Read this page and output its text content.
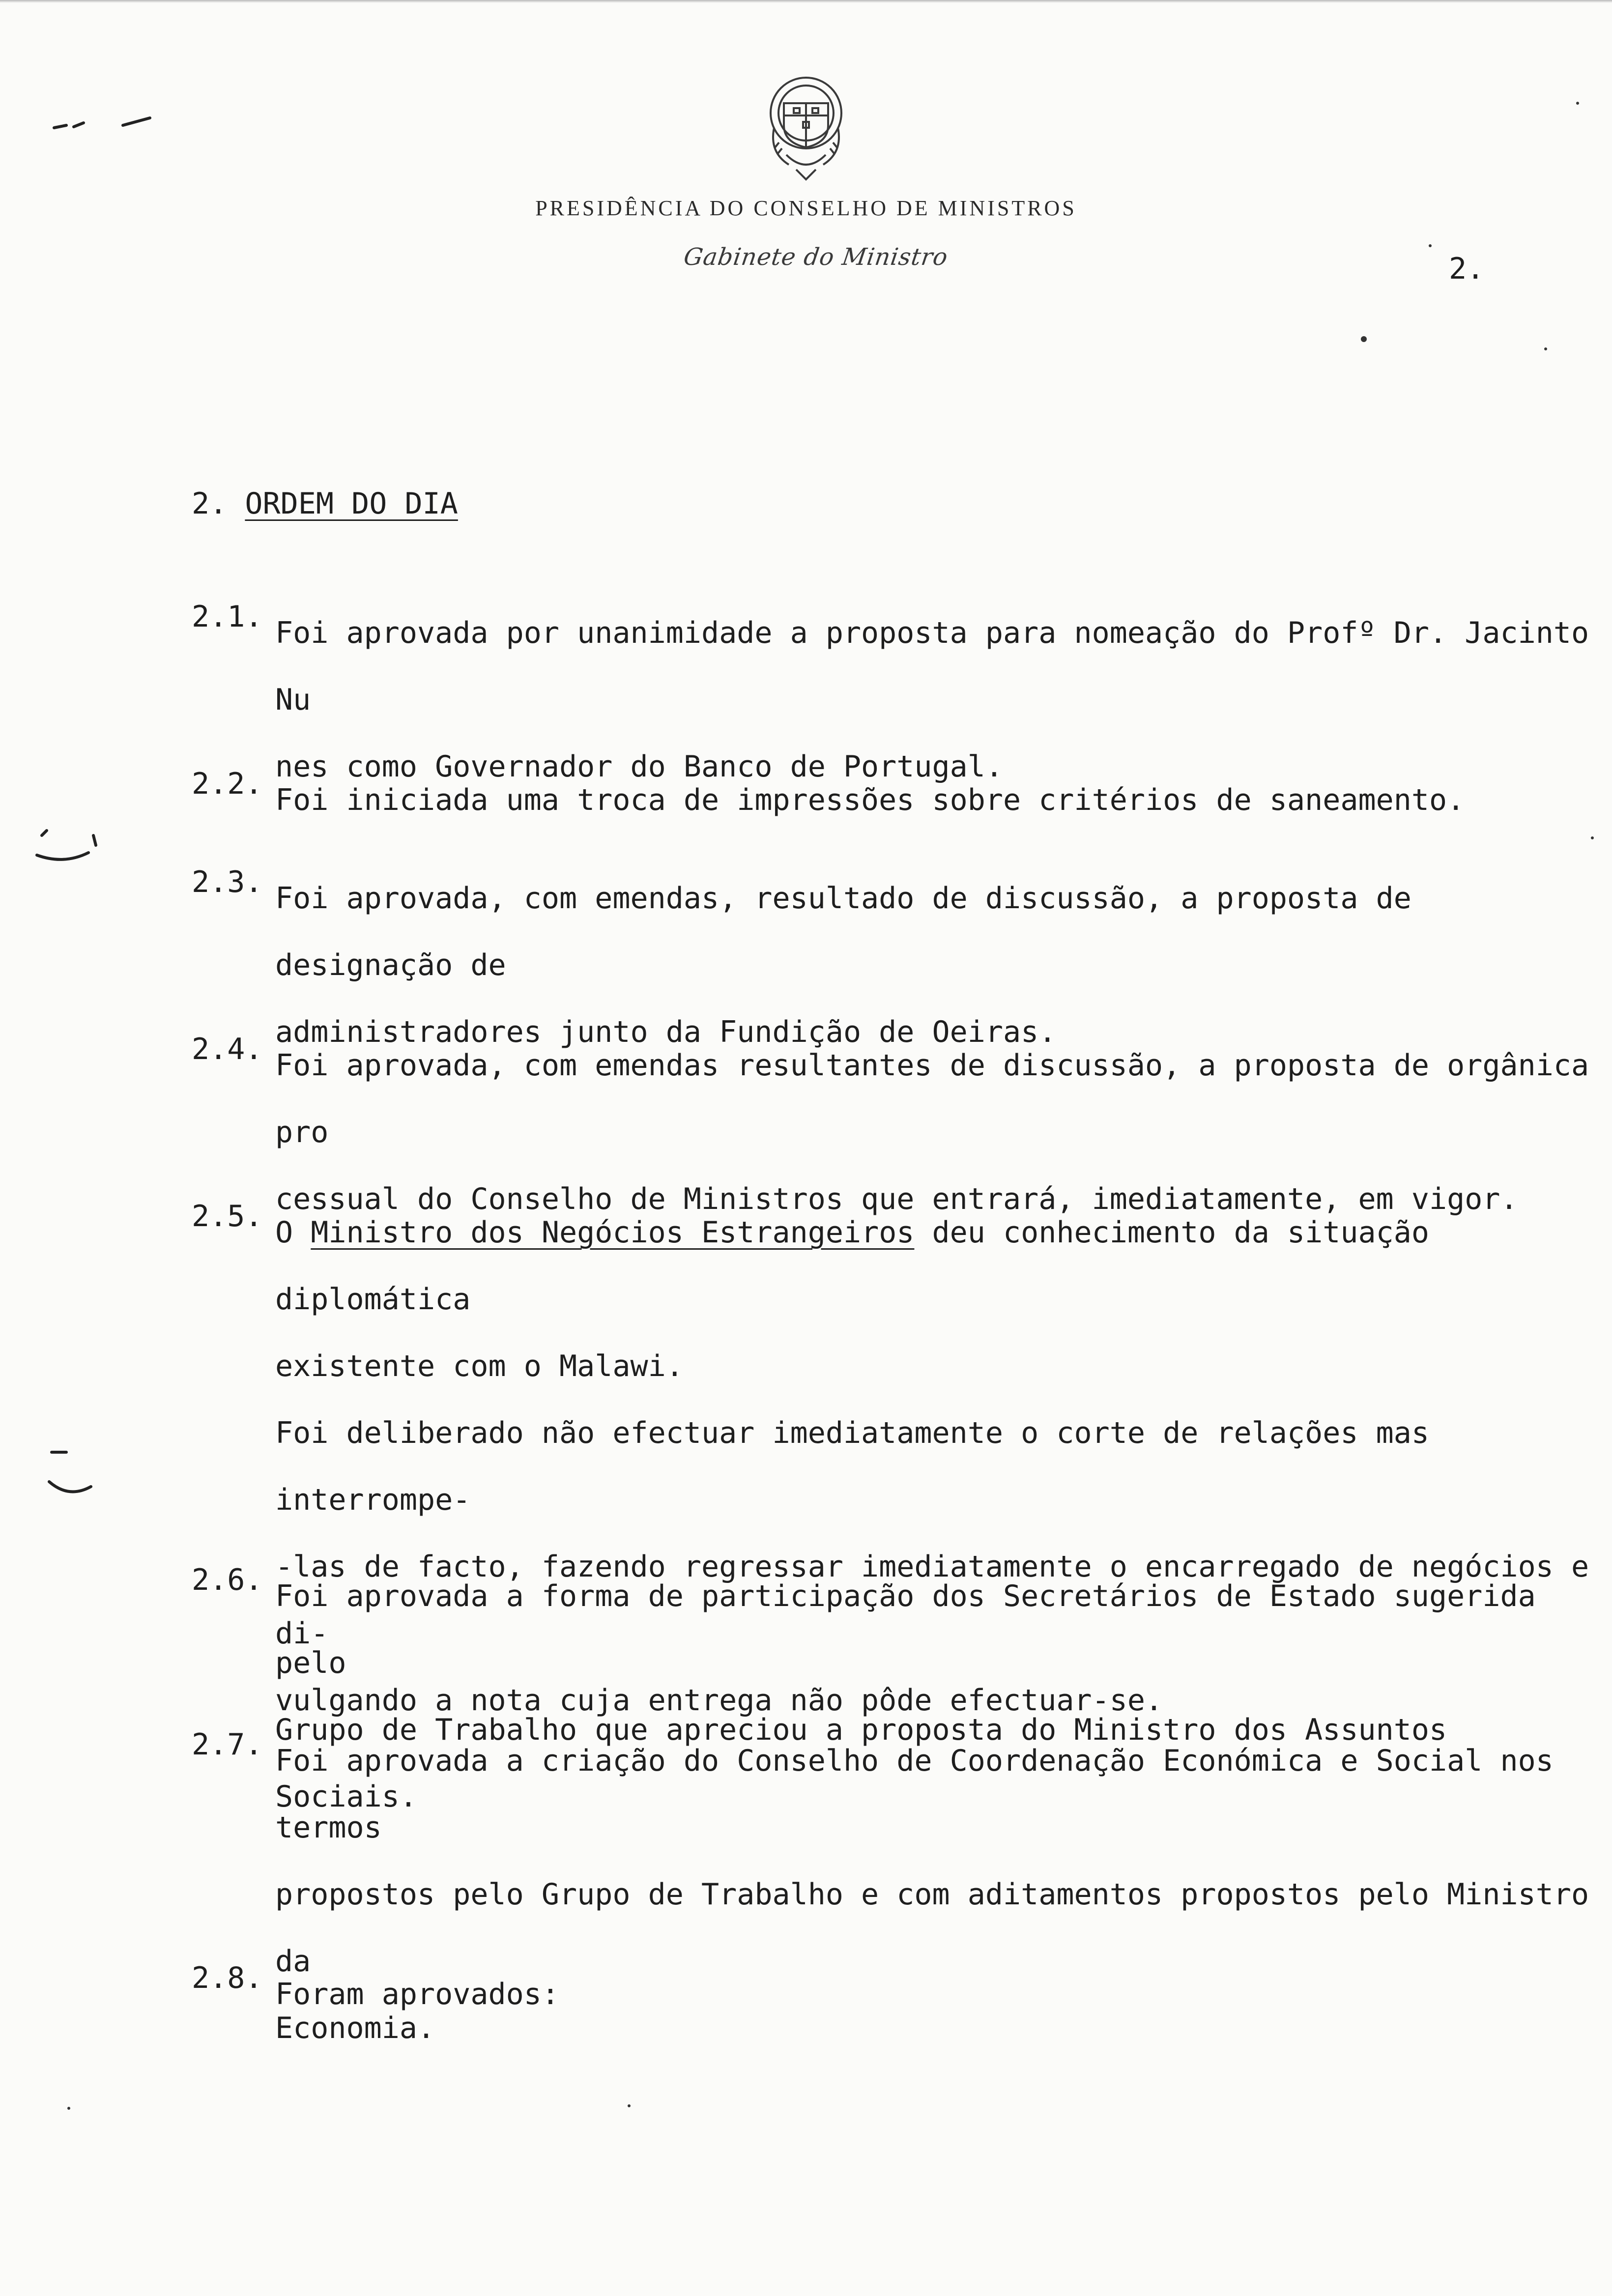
PRESIDÊNCIA DO CONSELHO DE MINISTROS
Gabinete do Ministro	2.
2. ORDEM DO DIA
2.1. Foi aprovada por unanimidade a proposta para nomeação do Profº Dr. Jacinto Nu
nes como Governador do Banco de Portugal.
2.2. Foi iniciada uma troca de impressões sobre critérios de saneamento.
2.3. Foi aprovada, com emendas, resultado de discussão, a proposta de designação de
administradores junto da Fundição de Oeiras.
2.4. Foi aprovada, com emendas resultantes de discussão, a proposta de orgânica pro
cessual do Conselho de Ministros que entrará, imediatamente, em vigor.
2.5. O Ministro dos Negócios Estrangeiros deu conhecimento da situação diplomática
existente com o Malawi.
Foi deliberado não efectuar imediatamente o corte de relações mas interrompe-
-las de facto, fazendo regressar imediatamente o encarregado de negócios e di-
vulgando a nota cuja entrega não pôde efectuar-se.
2.6. Foi aprovada a forma de participação dos Secretários de Estado sugerida pelo
Grupo de Trabalho que apreciou a proposta do Ministro dos Assuntos Sociais.
2.7. Foi aprovada a criação do Conselho de Coordenação Económica e Social nos termos
propostos pelo Grupo de Trabalho e com aditamentos propostos pelo Ministro da
Economia.
2.8. Foram aprovados:
